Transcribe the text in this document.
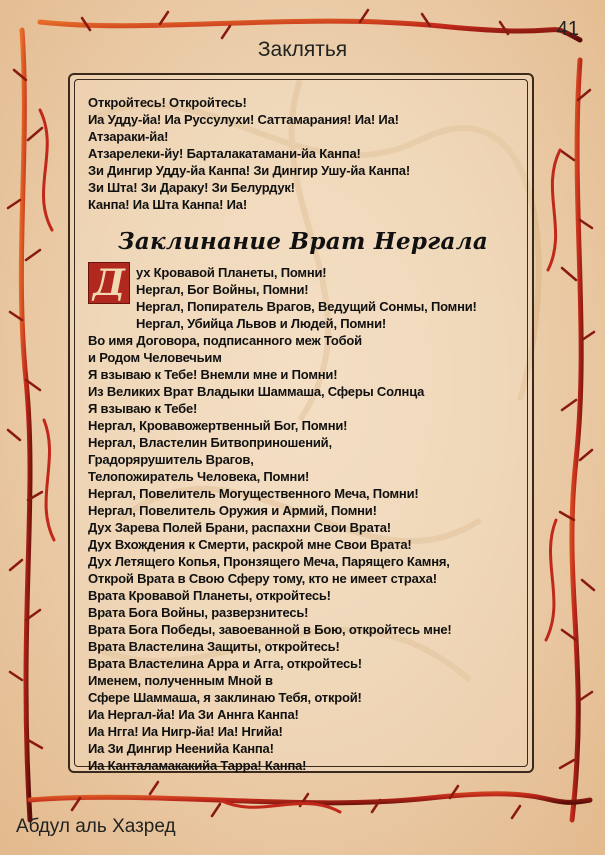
41
Заклятья
Откройтесь! Откройтесь!
Иа Удду-йа! Иа Руссулухи! Саттамарания! Иа! Иа!
Атзараки-йа!
Атзарелеки-йу! Барталакатамани-йа Канпа!
Зи Дингир Удду-йа Канпа! Зи Дингир Ушу-йа Канпа!
Зи Шта! Зи Дараку! Зи Белурдук!
Канпа! Иа Шта Канпа! Иа!
Заклинание Врат Нергала
Д ух Кровавой Планеты, Помни!
Нергал, Бог Войны, Помни!
Нергал, Попиратель Врагов, Ведущий Сонмы, Помни!
Нергал, Убийца Львов и Людей, Помни!
Во имя Договора, подписанного меж Тобой
и Родом Человечьим
Я взываю к Тебе! Внемли мне и Помни!
Из Великих Врат Владыки Шаммаша, Сферы Солнца
Я взываю к Тебе!
Нергал, Кровавожертвенный Бог, Помни!
Нергал, Властелин Битвоприношений,
Градорярушитель Врагов,
Телопожиратель Человека, Помни!
Нергал, Повелитель Могущественного Меча, Помни!
Нергал, Повелитель Оружия и Армий, Помни!
Дух Зарева Полей Брани, распахни Свои Врата!
Дух Вхождения к Смерти, раскрой мне Свои Врата!
Дух Летящего Копья, Пронзящего Меча, Парящего Камня,
Открой Врата в Свою Сферу тому, кто не имеет страха!
Врата Кровавой Планеты, откройтесь!
Врата Бога Войны, разверзнитесь!
Врата Бога Победы, завоеванной в Бою, откройтесь мне!
Врата Властелина Защиты, откройтесь!
Врата Властелина Арра и Агга, откройтесь!
Именем, полученным Мной в
Сфере Шаммаша, я заклинаю Тебя, открой!
Иа Нергал-йа! Иа Зи Аннга Канпа!
Иа Нгга! Иа Нигр-йа! Иа! Нгийа!
Иа Зи Дингир Неенийа Канпа!
Иа Канталамакакийа Тарра! Канпа!
Абдул аль Хазред
